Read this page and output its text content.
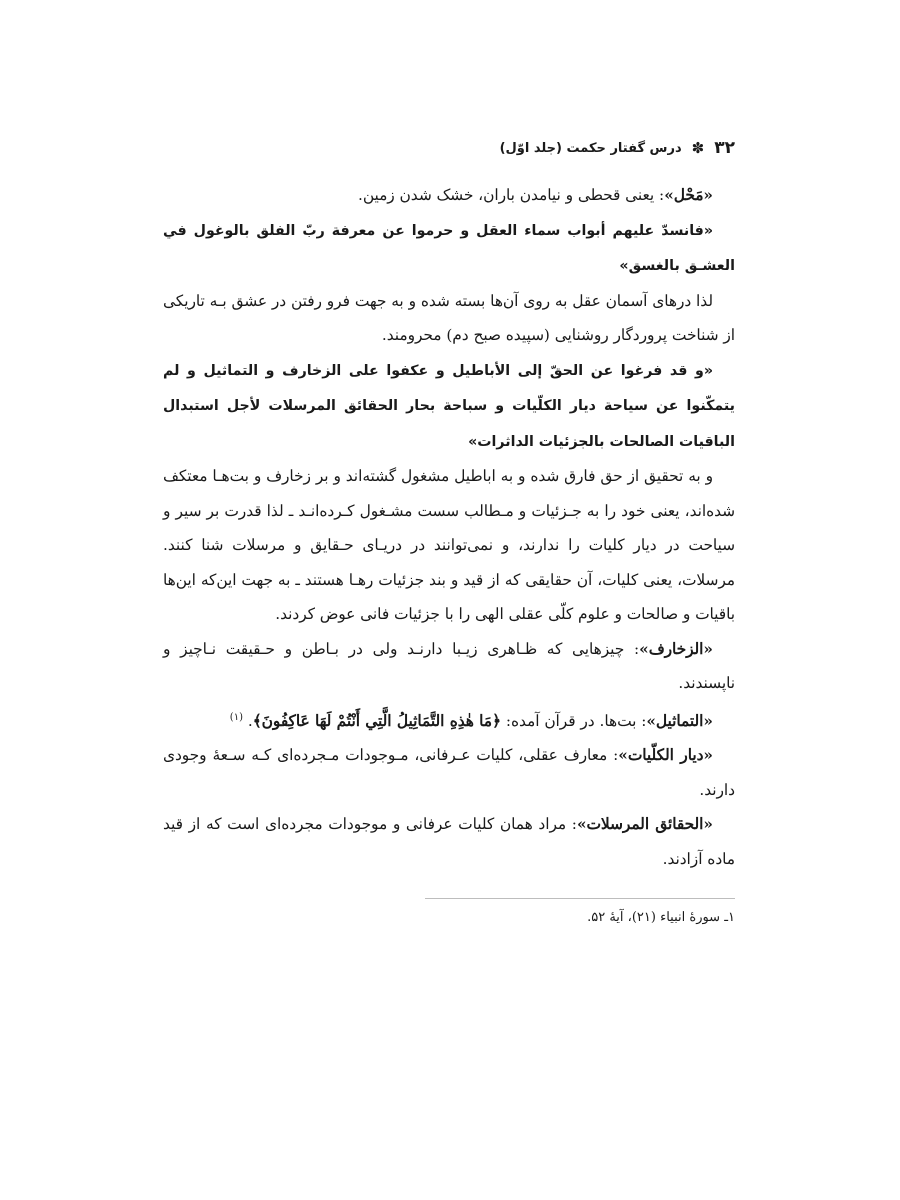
۳۲
✽
درس گفتار حکمت (جلد اوّل)

«مَحْل»: یعنی قحطی و نیامدن باران، خشک شدن زمین.

«فانسدّ علیهم أبواب سماء العقل و حرموا عن معرفة ربّ الفلق بالوغول في العشـق بالغسق»

لذا درهای آسمان عقل به روی آن‌ها بسته شده و به جهت فرو رفتن در عشق بـه تاریکی از شناخت پروردگار روشنایی (سپیده صبح دم) محرومند.

«و قد فرغوا عن الحقّ إلى الأباطيل و عكفوا على الزخارف و التماثيل و لم يتمكّنوا عن سياحة ديار الكلّيات و سباحة بحار الحقائق المرسلات لأجل استبدال الباقيات الصالحات بالجزئيات الداثرات»

و به تحقیق از حق فارق شده و به اباطیل مشغول گشته‌اند و بر زخارف و بت‌هـا معتکف شده‌اند، یعنی خود را به جـزئیات و مـطالب سست مشـغول کـرده‌انـد ـ لذا قدرت بر سیر و سیاحت در دیار کلیات را ندارند، و نمی‌توانند در دریـای حـقایق و مرسلات شنا کنند. مرسلات، یعنی کلیات، آن حقایقی که از قید و بند جزئیات رهـا هستند ـ به جهت این‌که این‌ها باقیات و صالحات و علوم کلّی عقلی الهی را با جزئیات فانی عوض کردند.

«الزخارف»: چیزهایی که ظـاهری زیـبا دارنـد ولی در بـاطن و حـقیقت نـاچیز و ناپسندند.

«التماثیل»: بت‌ها. در قرآن آمده: ﴿مَا هٰذِهِ التَّمَاثِيلُ الَّتِي أَنْتُمْ لَهَا عَاكِفُونَ﴾. $^{(۱)}$

«دیار الکلّیات»: معارف عقلی، کلیات عـرفانی، مـوجودات مـجرده‌ای کـه سـعهٔ وجودی دارند.

«الحقائق المرسلات»: مراد همان کلیات عرفانی و موجودات مجرده‌ای است که از قید ماده آزادند.

۱ـ سورهٔ انبیاء (۲۱)، آیهٔ ۵۲.
